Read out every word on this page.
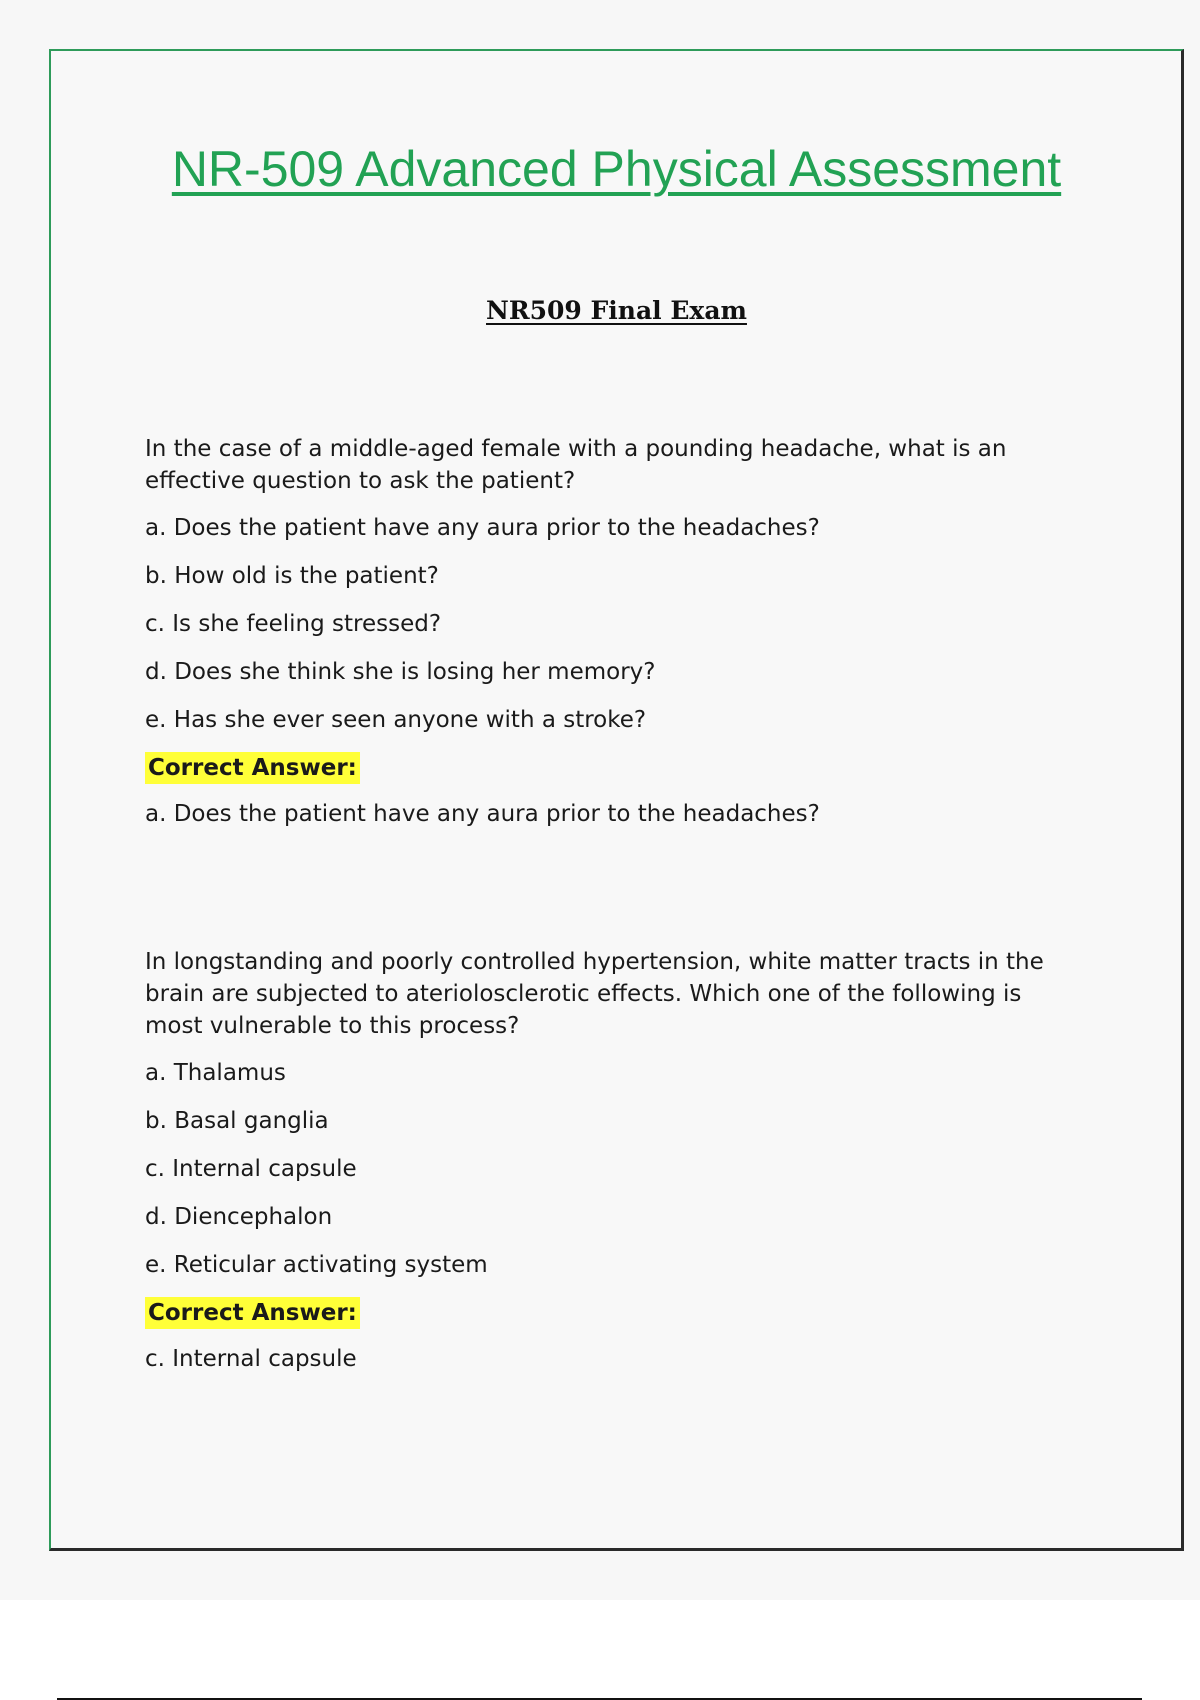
NR-509 Advanced Physical Assessment
NR509 Final Exam

In the case of a middle-aged female with a pounding headache, what is an effective question to ask the patient?

a. Does the patient have any aura prior to the headaches?
b. How old is the patient?
c. Is she feeling stressed?
d. Does she think she is losing her memory?
e. Has she ever seen anyone with a stroke?
Correct Answer:
a. Does the patient have any aura prior to the headaches?

In longstanding and poorly controlled hypertension, white matter tracts in the brain are subjected to ateriolosclerotic effects. Which one of the following is most vulnerable to this process?

a. Thalamus
b. Basal ganglia
c. Internal capsule
d. Diencephalon
e. Reticular activating system
Correct Answer:
c. Internal capsule
